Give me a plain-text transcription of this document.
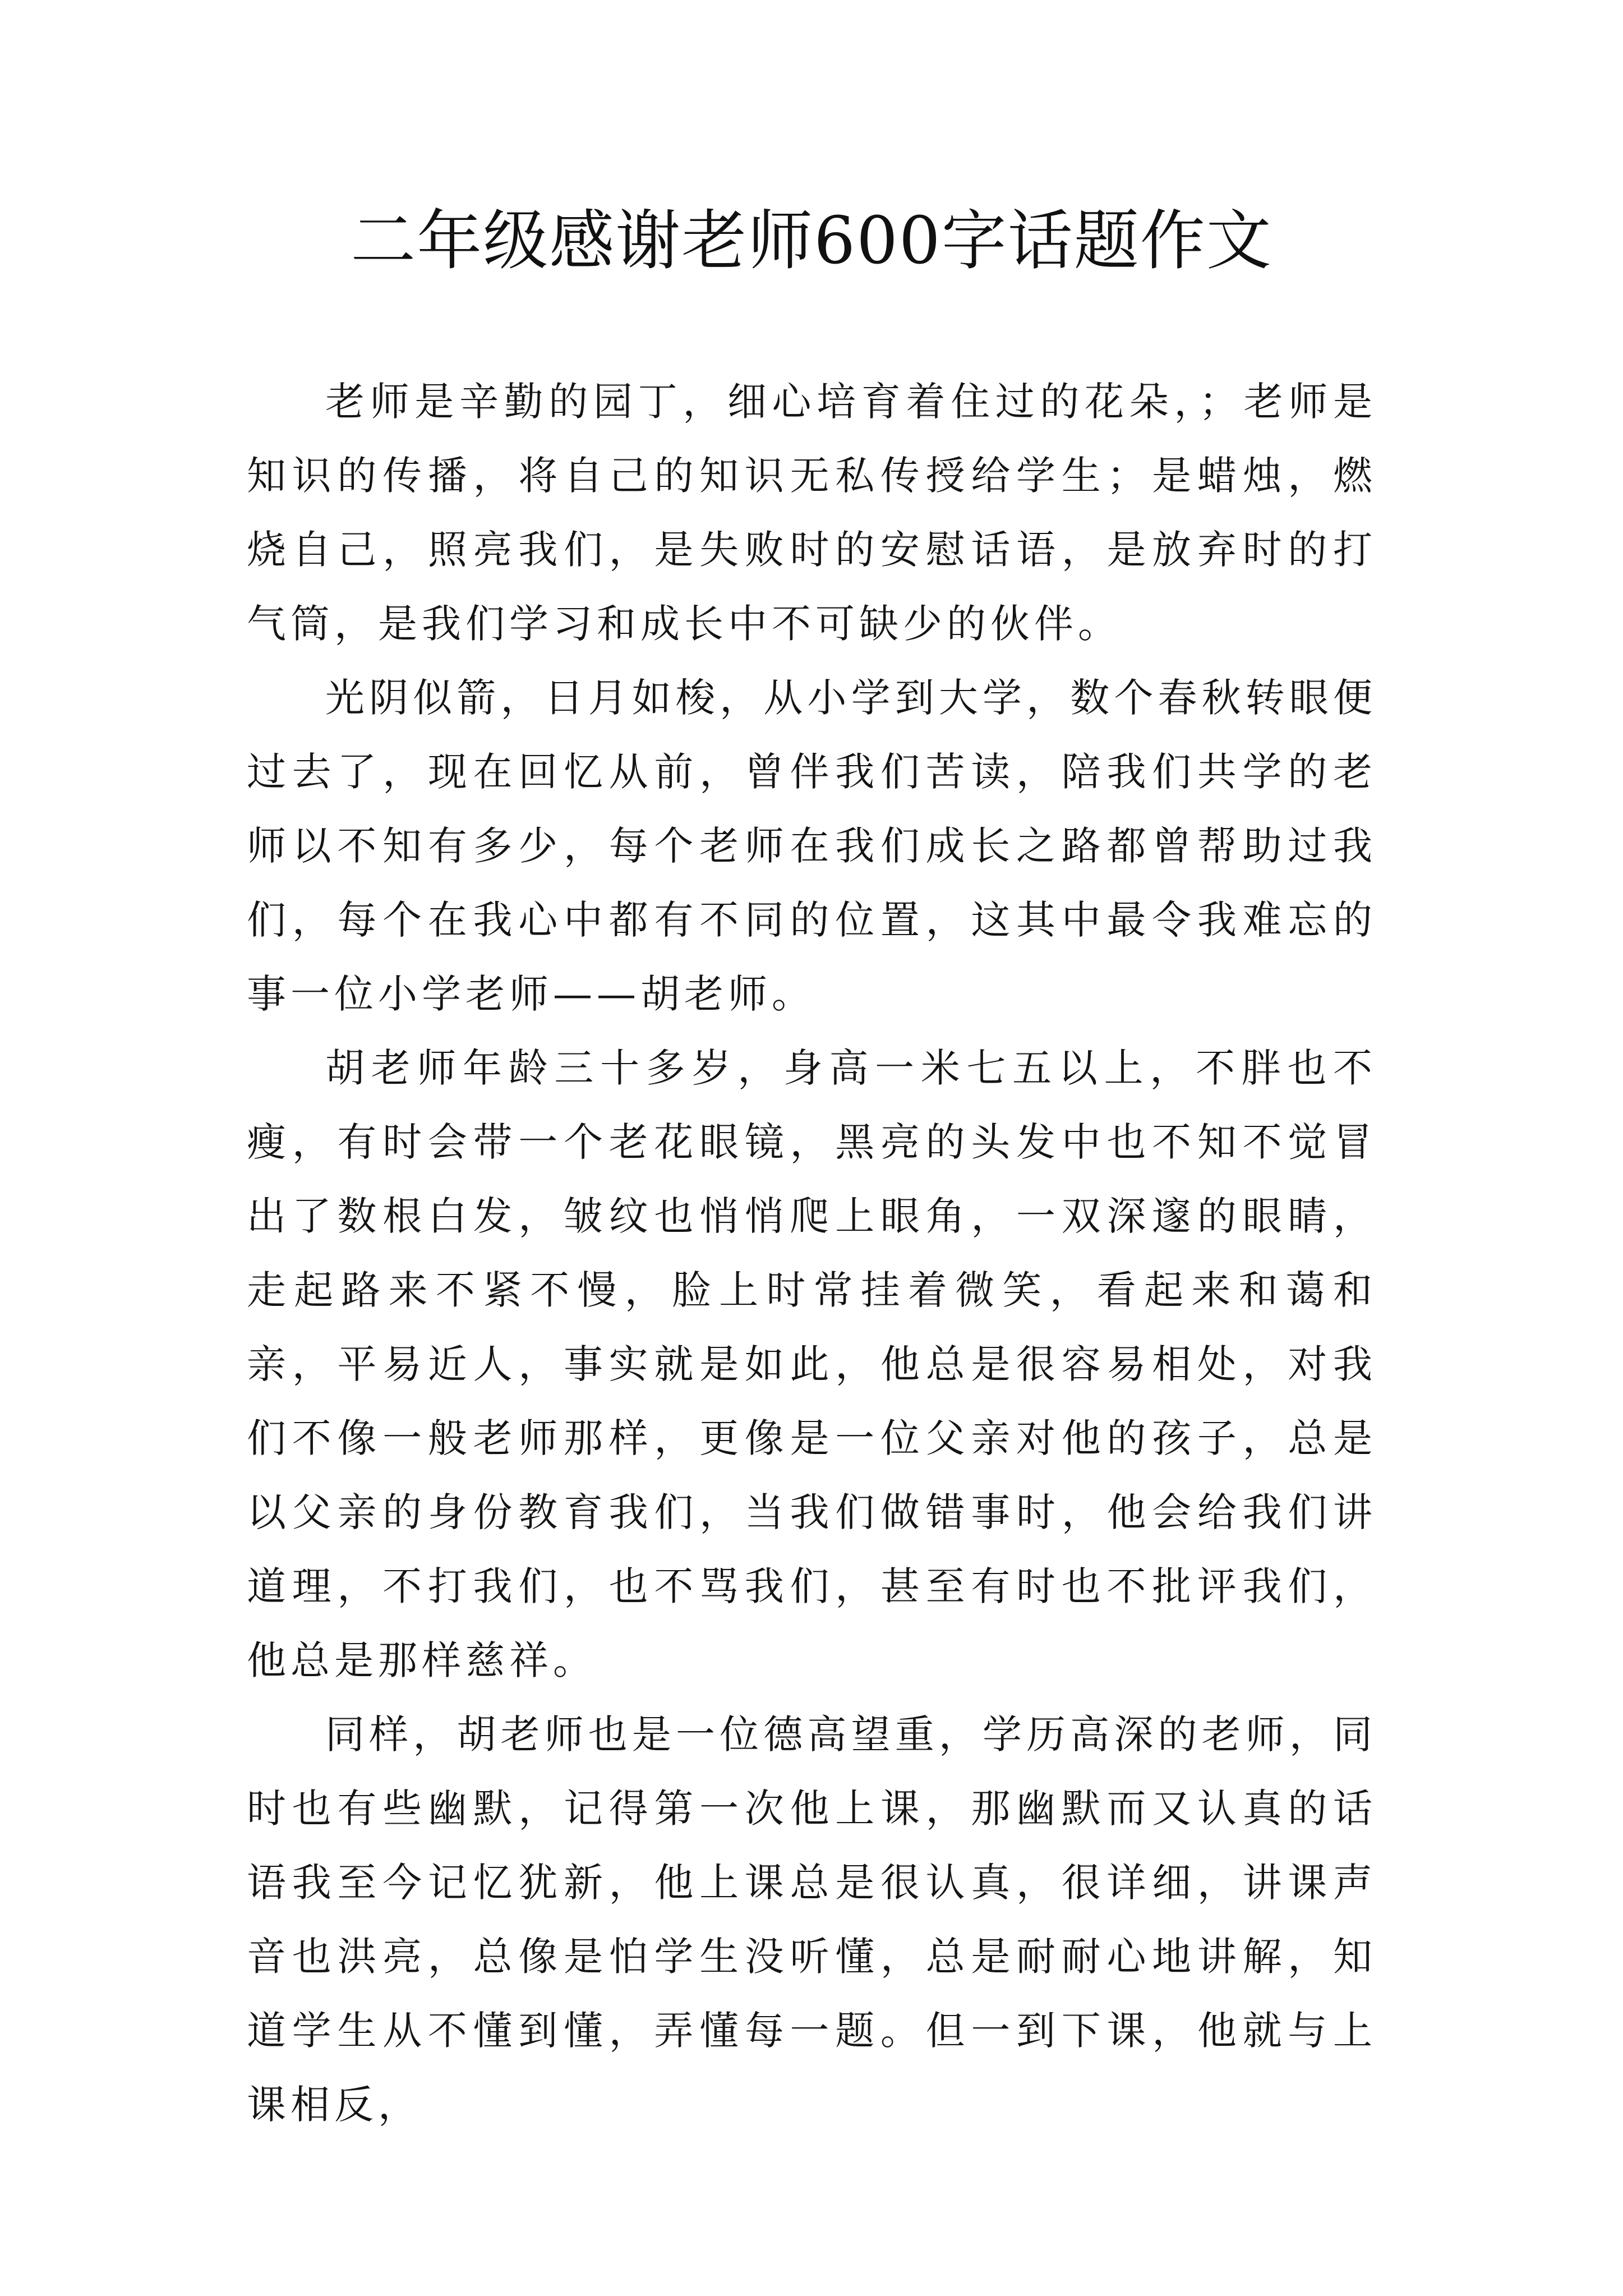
二年级感谢老师600字话题作文

老师是辛勤的园丁，细心培育着住过的花朵，；老师是知识的传播，将自己的知识无私传授给学生；是蜡烛，燃烧自己，照亮我们，是失败时的安慰话语，是放弃时的打气筒，是我们学习和成长中不可缺少的伙伴。

光阴似箭，日月如梭，从小学到大学，数个春秋转眼便过去了，现在回忆从前，曾伴我们苦读，陪我们共学的老师以不知有多少，每个老师在我们成长之路都曾帮助过我们，每个在我心中都有不同的位置，这其中最令我难忘的事一位小学老师——胡老师。

胡老师年龄三十多岁，身高一米七五以上，不胖也不瘦，有时会带一个老花眼镜，黑亮的头发中也不知不觉冒出了数根白发，皱纹也悄悄爬上眼角，一双深邃的眼睛，走起路来不紧不慢，脸上时常挂着微笑，看起来和蔼和亲，平易近人，事实就是如此，他总是很容易相处，对我们不像一般老师那样，更像是一位父亲对他的孩子，总是以父亲的身份教育我们，当我们做错事时，他会给我们讲道理，不打我们，也不骂我们，甚至有时也不批评我们，他总是那样慈祥。

同样，胡老师也是一位德高望重，学历高深的老师，同时也有些幽默，记得第一次他上课，那幽默而又认真的话语我至今记忆犹新，他上课总是很认真，很详细，讲课声音也洪亮，总像是怕学生没听懂，总是耐耐心地讲解，知道学生从不懂到懂，弄懂每一题。但一到下课，他就与上课相反，
